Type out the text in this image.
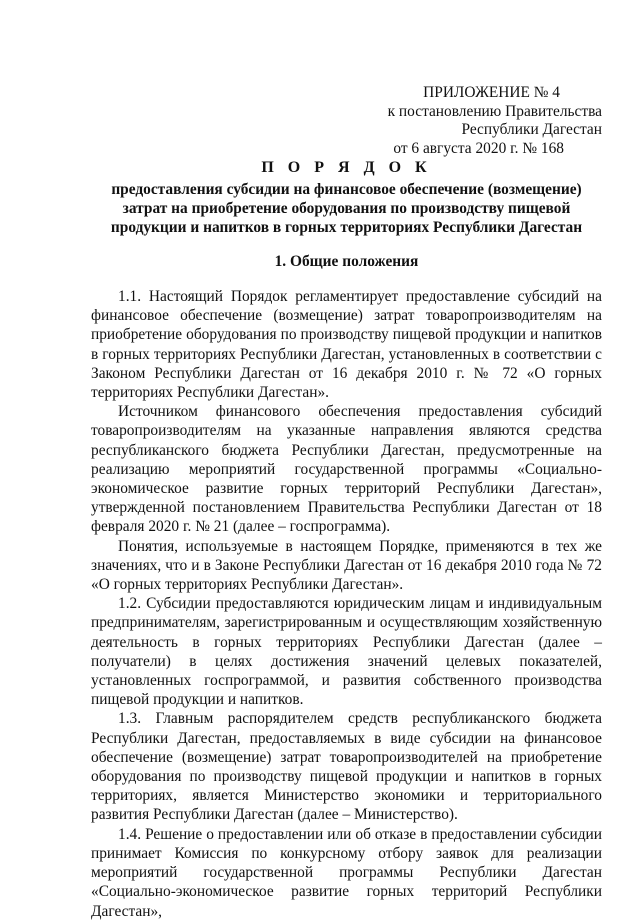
ПРИЛОЖЕНИЕ № 4
к постановлению Правительства
Республики Дагестан
от 6 августа 2020 г. № 168
П О Р Я Д О К
предоставления субсидии на финансовое обеспечение (возмещение)
затрат на приобретение оборудования по производству пищевой
продукции и напитков в горных территориях Республики Дагестан
1. Общие положения

1.1. Настоящий Порядок регламентирует предоставление субсидий на финансовое обеспечение (возмещение) затрат товаропроизводителям на приобретение оборудования по производству пищевой продукции и напитков в горных территориях Республики Дагестан, установленных в соответствии с Законом Республики Дагестан от 16 декабря 2010 г. № 72 «О горных территориях Республики Дагестан».

Источником финансового обеспечения предоставления субсидий товаропроизводителям на указанные направления являются средства республиканского бюджета Республики Дагестан, предусмотренные на реализацию мероприятий государственной программы «Социально-экономическое развитие горных территорий Республики Дагестан», утвержденной постановлением Правительства Республики Дагестан от 18 февраля 2020 г. № 21 (далее – госпрограмма).

Понятия, используемые в настоящем Порядке, применяются в тех же значениях, что и в Законе Республики Дагестан от 16 декабря 2010 года № 72 «О горных территориях Республики Дагестан».

1.2. Субсидии предоставляются юридическим лицам и индивидуальным предпринимателям, зарегистрированным и осуществляющим хозяйственную деятельность в горных территориях Республики Дагестан (далее – получатели) в целях достижения значений целевых показателей, установленных госпрограммой, и развития собственного производства пищевой продукции и напитков.

1.3. Главным распорядителем средств республиканского бюджета Республики Дагестан, предоставляемых в виде субсидии на финансовое обеспечение (возмещение) затрат товаропроизводителей на приобретение оборудования по производству пищевой продукции и напитков в горных территориях, является Министерство экономики и территориального развития Республики Дагестан (далее – Министерство).

1.4. Решение о предоставлении или об отказе в предоставлении субсидии принимает Комиссия по конкурсному отбору заявок для реализации мероприятий государственной программы Республики Дагестан «Социально-экономическое развитие горных территорий Республики Дагестан»,
